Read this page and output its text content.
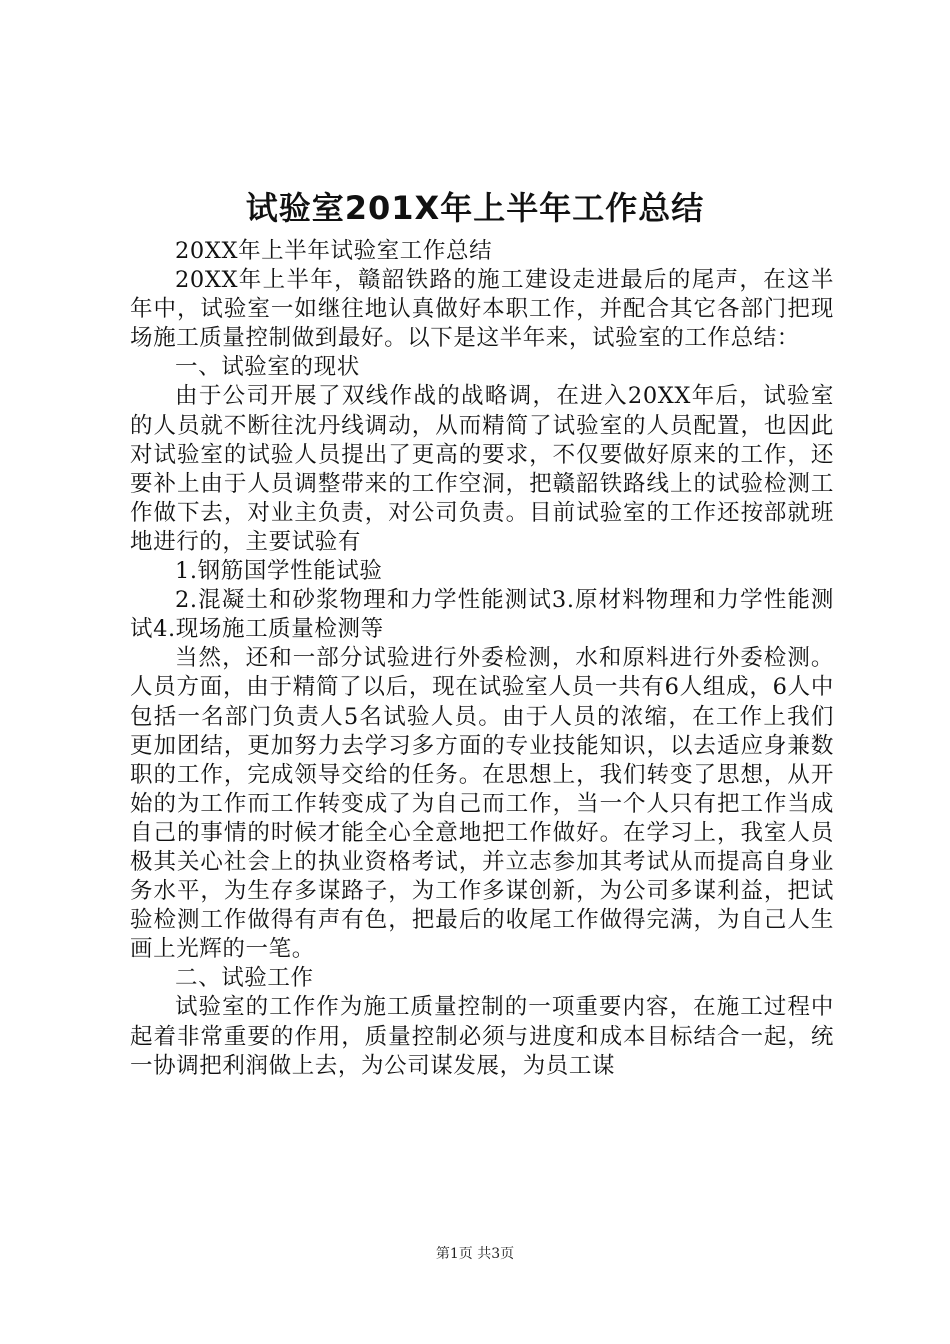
试验室201X年上半年工作总结

20XX年上半年试验室工作总结

20XX年上半年，赣韶铁路的施工建设走进最后的尾声，在这半年中，试验室一如继往地认真做好本职工作，并配合其它各部门把现场施工质量控制做到最好。以下是这半年来，试验室的工作总结：

一、试验室的现状

由于公司开展了双线作战的战略调，在进入20XX年后，试验室的人员就不断往沈丹线调动，从而精简了试验室的人员配置，也因此对试验室的试验人员提出了更高的要求，不仅要做好原来的工作，还要补上由于人员调整带来的工作空洞，把赣韶铁路线上的试验检测工作做下去，对业主负责，对公司负责。目前试验室的工作还按部就班地进行的，主要试验有

1.钢筋国学性能试验

2.混凝土和砂浆物理和力学性能测试3.原材料物理和力学性能测试4.现场施工质量检测等

当然，还和一部分试验进行外委检测，水和原料进行外委检测。人员方面，由于精简了以后，现在试验室人员一共有6人组成，6人中包括一名部门负责人5名试验人员。由于人员的浓缩，在工作上我们更加团结，更加努力去学习多方面的专业技能知识，以去适应身兼数职的工作，完成领导交给的任务。在思想上，我们转变了思想，从开始的为工作而工作转变成了为自己而工作，当一个人只有把工作当成自己的事情的时候才能全心全意地把工作做好。在学习上，我室人员极其关心社会上的执业资格考试，并立志参加其考试从而提高自身业务水平，为生存多谋路子，为工作多谋创新，为公司多谋利益，把试验检测工作做得有声有色，把最后的收尾工作做得完满，为自己人生画上光辉的一笔。

二、试验工作

试验室的工作作为施工质量控制的一项重要内容，在施工过程中起着非常重要的作用，质量控制必须与进度和成本目标结合一起，统一协调把利润做上去，为公司谋发展，为员工谋

第1页 共3页
